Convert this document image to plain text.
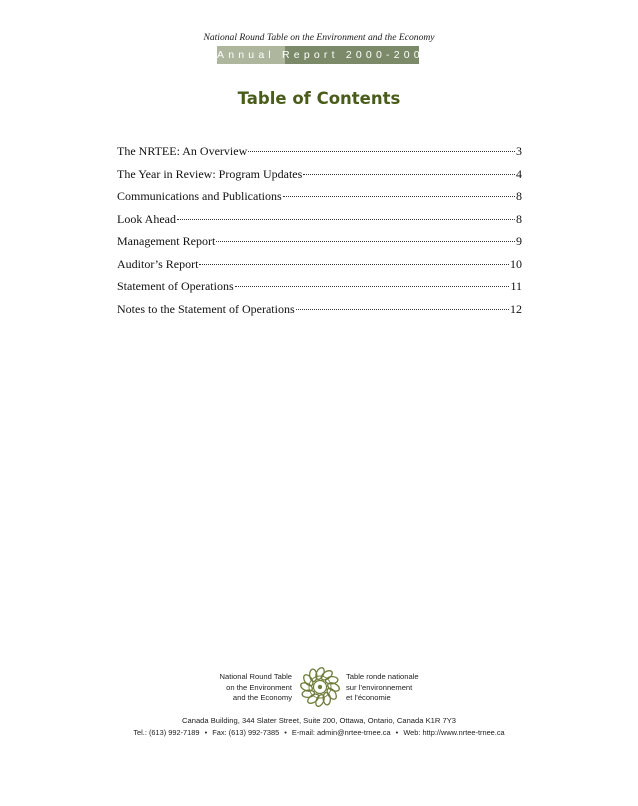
National Round Table on the Environment and the Economy
Annual Report 2000-2001
Table of Contents
The NRTEE: An Overview	3
The Year in Review: Program Updates	4
Communications and Publications	8
Look Ahead	8
Management Report	9
Auditor’s Report	10
Statement of Operations	11
Notes to the Statement of Operations	12
National Round Table
on the Environment
and the Economy
Table ronde nationale
sur l’environnement
et l’économie
Canada Building, 344 Slater Street, Suite 200, Ottawa, Ontario, Canada K1R 7Y3
Tel.: (613) 992-7189 • Fax: (613) 992-7385 • E-mail: admin@nrtee-trnee.ca • Web: http://www.nrtee-trnee.ca
